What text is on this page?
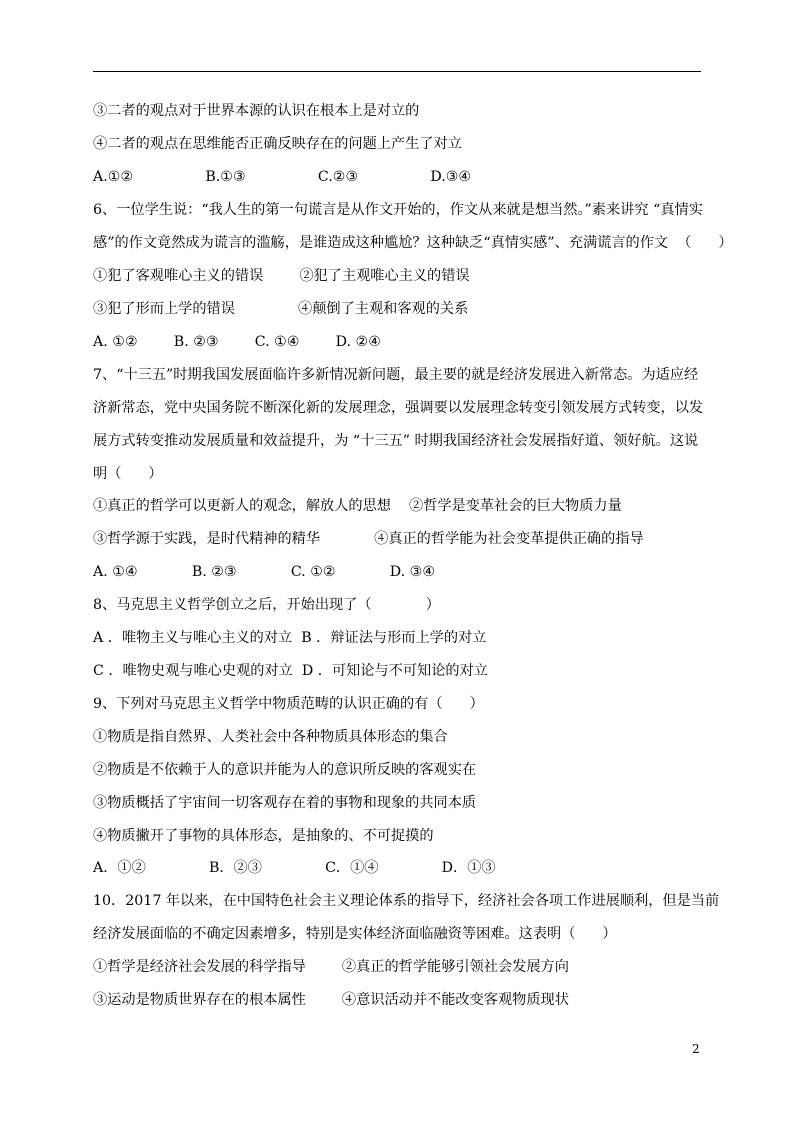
③二者的观点对于世界本源的认识在根本上是对立的

④二者的观点在思维能否正确反映存在的问题上产生了对立

A.①②                B.①③                C.②③                D.③④

6、一位学生说：“我人生的第一句谎言是从作文开始的，作文从来就是想当然。”素来讲究 “真情实

感”的作文竟然成为谎言的滥觞，是谁造成这种尴尬？这种缺乏“真情实感”、充满谎言的作文  （      ）

①犯了客观唯心主义的错误        ②犯了主观唯心主义的错误

③犯了形而上学的错误              ④颠倒了主观和客观的关系

A. ①②        B. ②③        C. ①④        D. ②④

7、“十三五”时期我国发展面临许多新情况新问题，最主要的就是经济发展进入新常态。为适应经

济新常态，党中央国务院不断深化新的发展理念，强调要以发展理念转变引领发展方式转变，以发

展方式转变推动发展质量和效益提升，为 “十三五” 时期我国经济社会发展指好道、领好航。这说

明（      ）

①真正的哲学可以更新人的观念，解放人的思想    ②哲学是变革社会的巨大物质力量

③哲学源于实践，是时代精神的精华            ④真正的哲学能为社会变革提供正确的指导

A. ①④            B. ②③            C. ①②            D. ③④

8、马克思主义哲学创立之后，开始出现了（            ）

A ．唯物主义与唯心主义的对立  B ．辩证法与形而上学的对立

C ．唯物史观与唯心史观的对立  D ．可知论与不可知论的对立

9、下列对马克思主义哲学中物质范畴的认识正确的有（      ）

①物质是指自然界、人类社会中各种物质具体形态的集合

②物质是不依赖于人的意识并能为人的意识所反映的客观实在

③物质概括了宇宙间一切客观存在着的事物和现象的共同本质

④物质撇开了事物的具体形态，是抽象的、不可捉摸的

A．①②              B．②③              C．①④              D．①③

10．2017 年以来，在中国特色社会主义理论体系的指导下，经济社会各项工作进展顺利，但是当前

经济发展面临的不确定因素增多，特别是实体经济面临融资等困难。这表明（      ）

①哲学是经济社会发展的科学指导        ②真正的哲学能够引领社会发展方向

③运动是物质世界存在的根本属性        ④意识活动并不能改变客观物质现状

2
